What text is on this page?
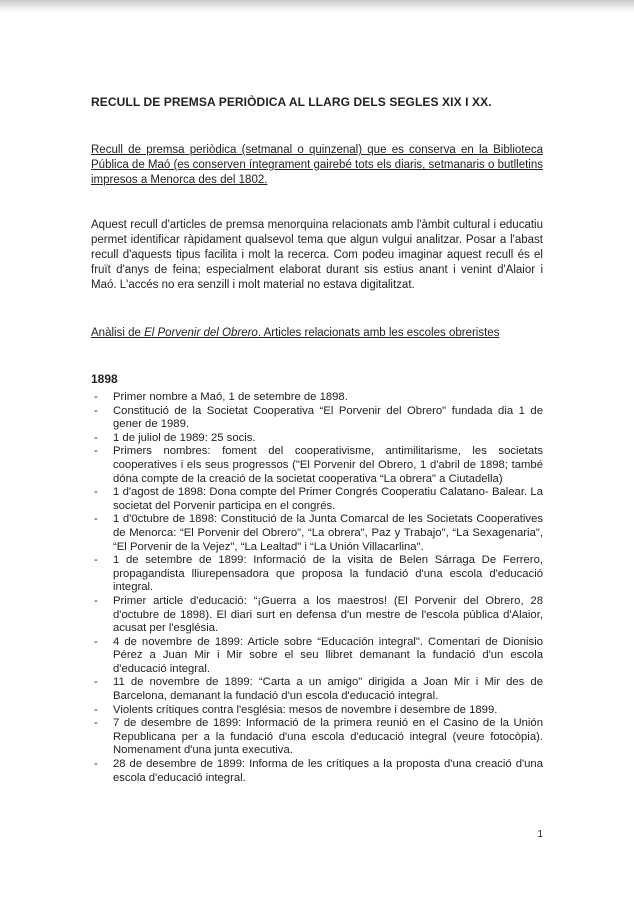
RECULL DE PREMSA PERIÒDICA AL LLARG DELS SEGLES XIX I XX.
Recull de premsa periòdica (setmanal o quinzenal) que es conserva en la Biblioteca Pública de Maó (es conserven íntegrament gairebé tots els diaris, setmanaris o butlletins impresos a Menorca des del 1802.
Aquest recull d'articles de premsa menorquina relacionats amb l'àmbit cultural i educatiu permet identificar ràpidament qualsevol tema que algun vulgui analitzar. Posar a l'abast recull d'aquests tipus facilita i molt la recerca. Com podeu imaginar aquest recull és el fruït d'anys de feina; especialment elaborat durant sis estius anant i venint d'Alaior i Maó. L'accés no era senzill i molt material no estava digitalitzat.
Anàlisi de El Porvenir del Obrero. Articles relacionats amb les escoles obreristes
1898
- Primer nombre a Maó, 1 de setembre de 1898.
- Constitució de la Societat Cooperativa “El Porvenir del Obrero" fundada dia 1 de gener de 1989.
- 1 de juliol de 1989: 25 socis.
- Primers nombres: foment del cooperativisme, antimilitarisme, les societats cooperatives i els seus progressos ("El Porvenir del Obrero, 1 d'abril de 1898; també dóna compte de la creació de la societat cooperativa “La obrera" a Ciutadella)
- 1 d'agost de 1898: Dona compte del Primer Congrés Cooperatiu Calatano- Balear. La societat del Porvenir participa en el congrés.
- 1 d'0ctubre de 1898: Constitució de la Junta Comarcal de les Societats Cooperatives de Menorca: “El Porvenir del Obrero", “La obrera", Paz y Trabajo", “La Sexagenaria", “El Porvenir de la Vejez", “La Lealtad" i “La Unión Villacarlina".
- 1 de setembre de 1899: Informació de la visita de Belen Sárraga De Ferrero, propagandista lliurepensadora que proposa la fundació d'una escola d'educació integral.
- Primer article d'educació: “¡Guerra a los maestros! (El Porvenir del Obrero, 28 d'octubre de 1898). El diari surt en defensa d'un mestre de l'escola pública d'Alaior, acusat per l'església.
- 4 de novembre de 1899: Article sobre “Educación integral". Comentari de Dionisio Pérez a Juan Mir i Mir sobre el seu llibret demanant la fundació d'un escola d'educació integral.
- 11 de novembre de 1899: “Carta a un amigo" dirigida a Joan Mir i Mir des de Barcelona, demanant la fundació d'un escola d'educació integral.
- Violents crítiques contra l'església: mesos de novembre i desembre de 1899.
- 7 de desembre de 1899: Informació de la primera reunió en el Casino de la Unión Republicana per a la fundació d'una escola d'educació integral (veure fotocòpia). Nomenament d'una junta executiva.
- 28 de desembre de 1899: Informa de les crítiques a la proposta d'una creació d'una escola d'educació integral.
1
